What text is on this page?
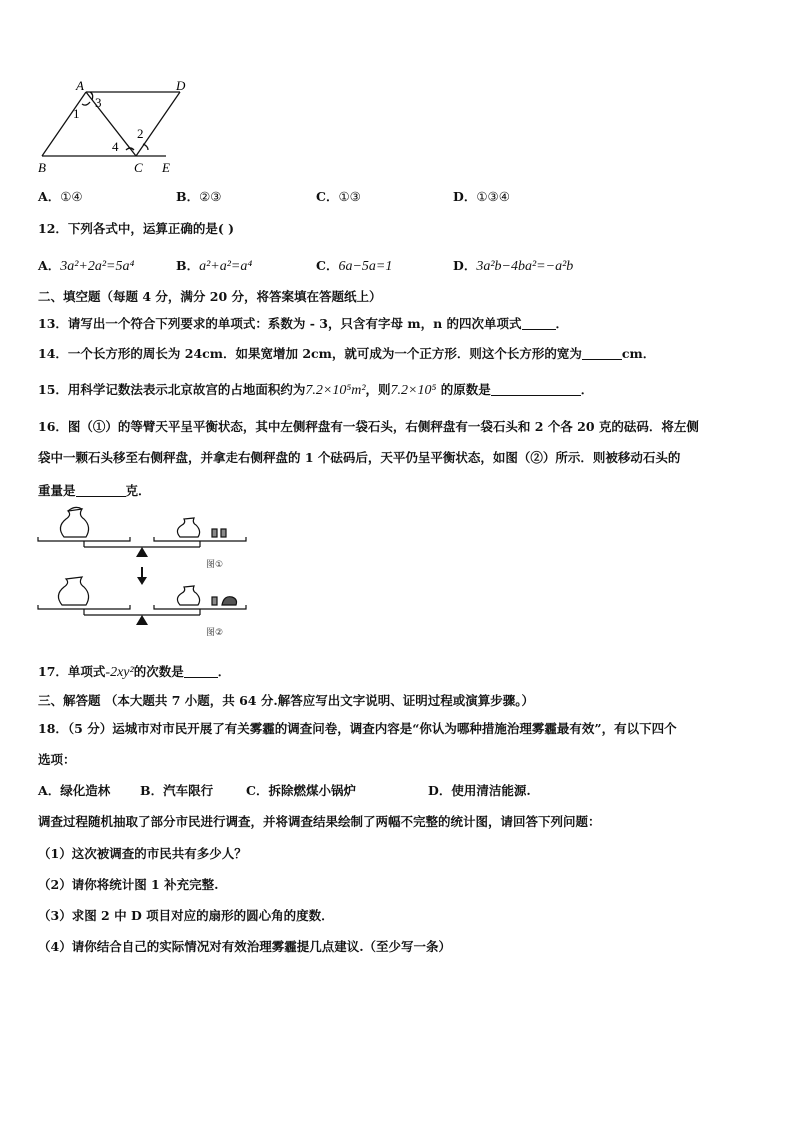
A	D
B	C E
1
2
3
4
A．①④	B．②③	C．①③	D．①③④
12．下列各式中，运算正确的是( )
A．3a²+2a²=5a⁴	B．a²+a²=a⁴	C．6a−5a=1	D．3a²b−4ba²=−a²b
二、填空题（每题 4 分，满分 20 分，将答案填在答题纸上）
13．请写出一个符合下列要求的单项式：系数为 - 3，只含有字母 m，n 的四次单项式	．
14．一个长方形的周长为 24cm．如果宽增加 2cm，就可成为一个正方形．则这个长方形的宽为	cm．
15．用科学记数法表示北京故宫的占地面积约为7.2×10⁵m²，则7.2×10⁵ 的原数是	．
16．图（①）的等臂天平呈平衡状态，其中左侧秤盘有一袋石头，右侧秤盘有一袋石头和 2 个各 20 克的砝码．将左侧
袋中一颗石头移至右侧秤盘，并拿走右侧秤盘的 1 个砝码后，天平仍呈平衡状态，如图（②）所示．则被移动石头的
重量是	克．
图①
图②
17．单项式-2xy²的次数是	．
三、解答题 （本大题共 7 小题，共 64 分.解答应写出文字说明、证明过程或演算步骤。）
18．（5 分）运城市对市民开展了有关雾霾的调查问卷，调查内容是“你认为哪种措施治理雾霾最有效”，有以下四个
选项：
A．绿化造林 B．汽车限行	C．拆除燃煤小锅炉	D．使用清洁能源.
调查过程随机抽取了部分市民进行调查，并将调查结果绘制了两幅不完整的统计图，请回答下列问题：
（1）这次被调查的市民共有多少人？
（2）请你将统计图 1 补充完整.
（3）求图 2 中 D 项目对应的扇形的圆心角的度数．
（4）请你结合自己的实际情况对有效治理雾霾提几点建议.（至少写一条）
